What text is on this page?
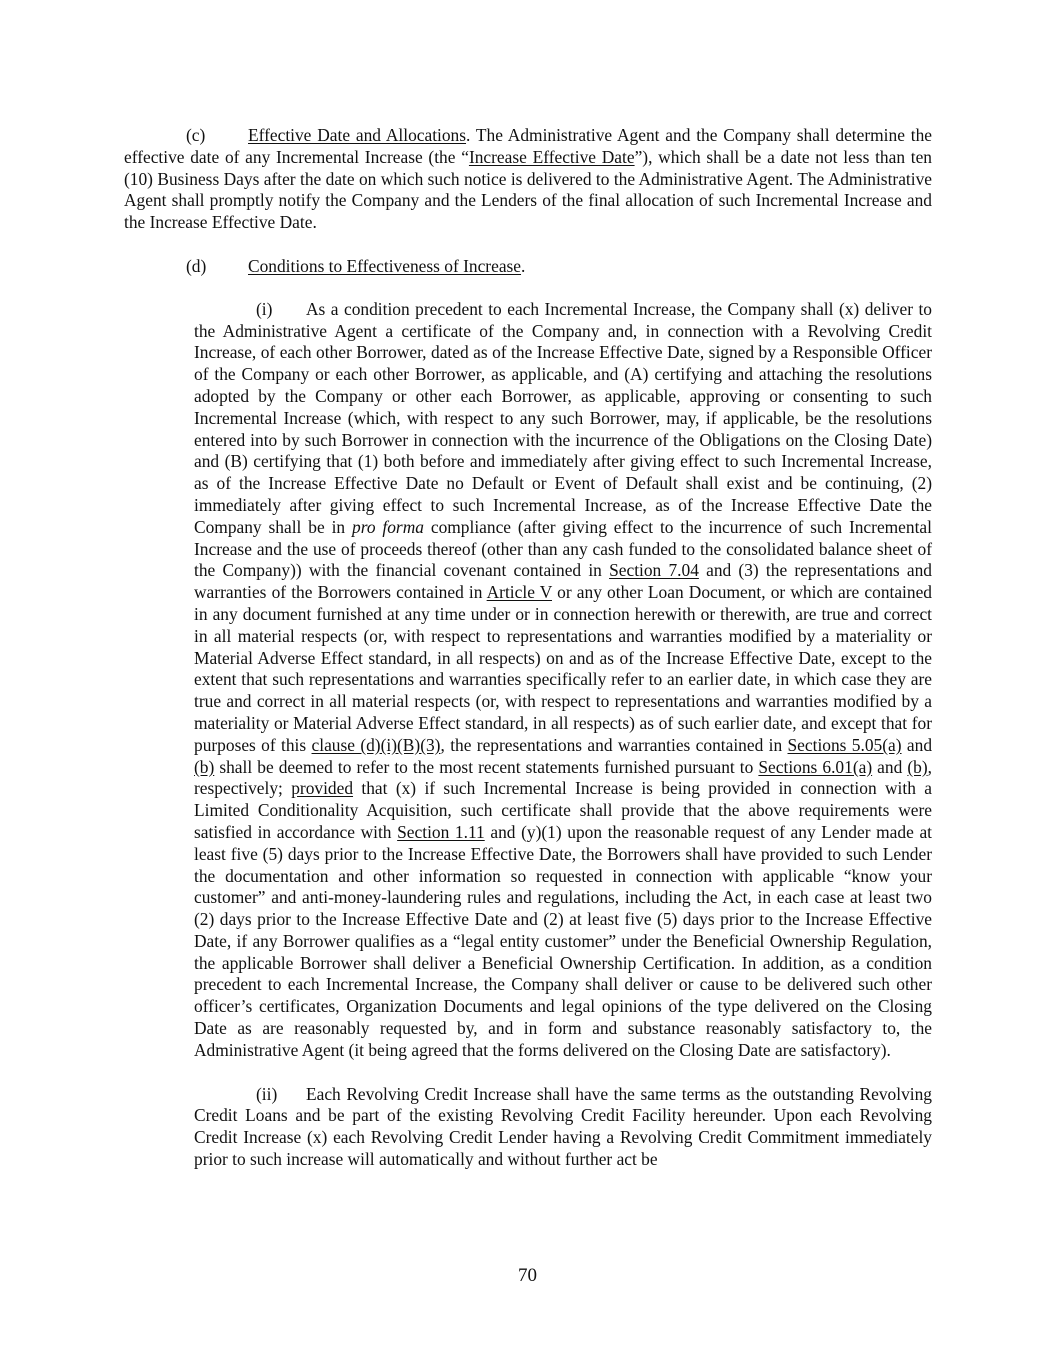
(c) Effective Date and Allocations. The Administrative Agent and the Company shall determine the effective date of any Incremental Increase (the “Increase Effective Date”), which shall be a date not less than ten (10) Business Days after the date on which such notice is delivered to the Administrative Agent. The Administrative Agent shall promptly notify the Company and the Lenders of the final allocation of such Incremental Increase and the Increase Effective Date.

(d) Conditions to Effectiveness of Increase.

(i) As a condition precedent to each Incremental Increase, the Company shall (x) deliver to the Administrative Agent a certificate of the Company and, in connection with a Revolving Credit Increase, of each other Borrower, dated as of the Increase Effective Date, signed by a Responsible Officer of the Company or each other Borrower, as applicable, and (A) certifying and attaching the resolutions adopted by the Company or other each Borrower, as applicable, approving or consenting to such Incremental Increase (which, with respect to any such Borrower, may, if applicable, be the resolutions entered into by such Borrower in connection with the incurrence of the Obligations on the Closing Date) and (B) certifying that (1) both before and immediately after giving effect to such Incremental Increase, as of the Increase Effective Date no Default or Event of Default shall exist and be continuing, (2) immediately after giving effect to such Incremental Increase, as of the Increase Effective Date the Company shall be in pro forma compliance (after giving effect to the incurrence of such Incremental Increase and the use of proceeds thereof (other than any cash funded to the consolidated balance sheet of the Company)) with the financial covenant contained in Section 7.04 and (3) the representations and warranties of the Borrowers contained in Article V or any other Loan Document, or which are contained in any document furnished at any time under or in connection herewith or therewith, are true and correct in all material respects (or, with respect to representations and warranties modified by a materiality or Material Adverse Effect standard, in all respects) on and as of the Increase Effective Date, except to the extent that such representations and warranties specifically refer to an earlier date, in which case they are true and correct in all material respects (or, with respect to representations and warranties modified by a materiality or Material Adverse Effect standard, in all respects) as of such earlier date, and except that for purposes of this clause (d)(i)(B)(3), the representations and warranties contained in Sections 5.05(a) and (b) shall be deemed to refer to the most recent statements furnished pursuant to Sections 6.01(a) and (b), respectively; provided that (x) if such Incremental Increase is being provided in connection with a Limited Conditionality Acquisition, such certificate shall provide that the above requirements were satisfied in accordance with Section 1.11 and (y)(1) upon the reasonable request of any Lender made at least five (5) days prior to the Increase Effective Date, the Borrowers shall have provided to such Lender the documentation and other information so requested in connection with applicable “know your customer” and anti-money-laundering rules and regulations, including the Act, in each case at least two (2) days prior to the Increase Effective Date and (2) at least five (5) days prior to the Increase Effective Date, if any Borrower qualifies as a “legal entity customer” under the Beneficial Ownership Regulation, the applicable Borrower shall deliver a Beneficial Ownership Certification. In addition, as a condition precedent to each Incremental Increase, the Company shall deliver or cause to be delivered such other officer’s certificates, Organization Documents and legal opinions of the type delivered on the Closing Date as are reasonably requested by, and in form and substance reasonably satisfactory to, the Administrative Agent (it being agreed that the forms delivered on the Closing Date are satisfactory).

(ii) Each Revolving Credit Increase shall have the same terms as the outstanding Revolving Credit Loans and be part of the existing Revolving Credit Facility hereunder. Upon each Revolving Credit Increase (x) each Revolving Credit Lender having a Revolving Credit Commitment immediately prior to such increase will automatically and without further act be

70
